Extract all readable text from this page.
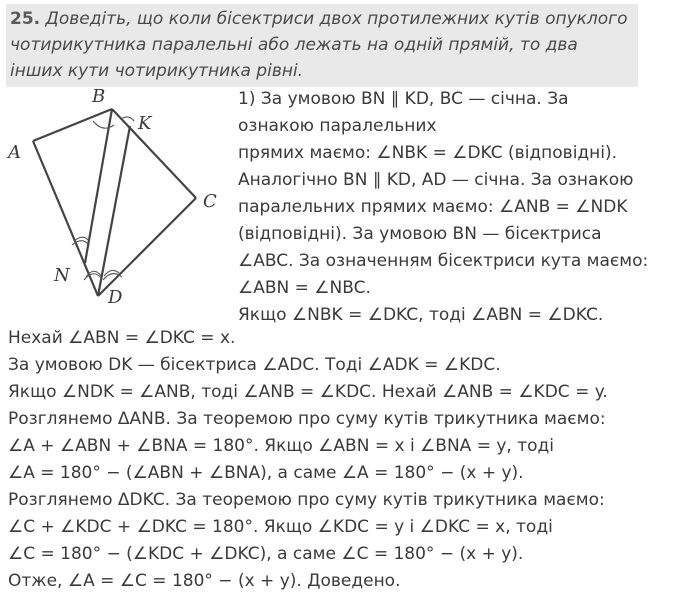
25. Доведіть, що коли бісектриси двох протилежних кутів опуклого
чотирикутника паралельні або лежать на одній прямій, то два
інших кути чотирикутника рівні.
A
B
K
C
N
D
1) За умовою BN ∥ KD, BC — січна. За
ознакою паралельних
прямих маємо: ∠NBK = ∠DKC (відповідні).
Аналогічно BN ∥ KD, AD — січна. За ознакою
паралельних прямих маємо: ∠ANB = ∠NDK
(відповідні). За умовою BN — бісектриса
∠ABC. За означенням бісектриси кута маємо:
∠ABN = ∠NBC.
Якщо ∠NBK = ∠DKC, тоді ∠ABN = ∠DKC.
Нехай ∠ABN = ∠DKC = x.
За умовою DK — бісектриса ∠ADC. Тоді ∠ADK = ∠KDC.
Якщо ∠NDK = ∠ANB, тоді ∠ANB = ∠KDC. Нехай ∠ANB = ∠KDC = y.
Розглянемо ΔANB. За теоремою про суму кутів трикутника маємо:
∠A + ∠ABN + ∠BNA = 180°. Якщо ∠ABN = x і ∠BNA = y, тоді
∠A = 180° − (∠ABN + ∠BNA), а саме ∠A = 180° − (x + y).
Розглянемо ΔDKC. За теоремою про суму кутів трикутника маємо:
∠C + ∠KDC + ∠DKC = 180°. Якщо ∠KDC = y і ∠DKC = x, тоді
∠C = 180° − (∠KDC + ∠DKC), а саме ∠C = 180° − (x + y).
Отже, ∠A = ∠C = 180° − (x + y). Доведено.
